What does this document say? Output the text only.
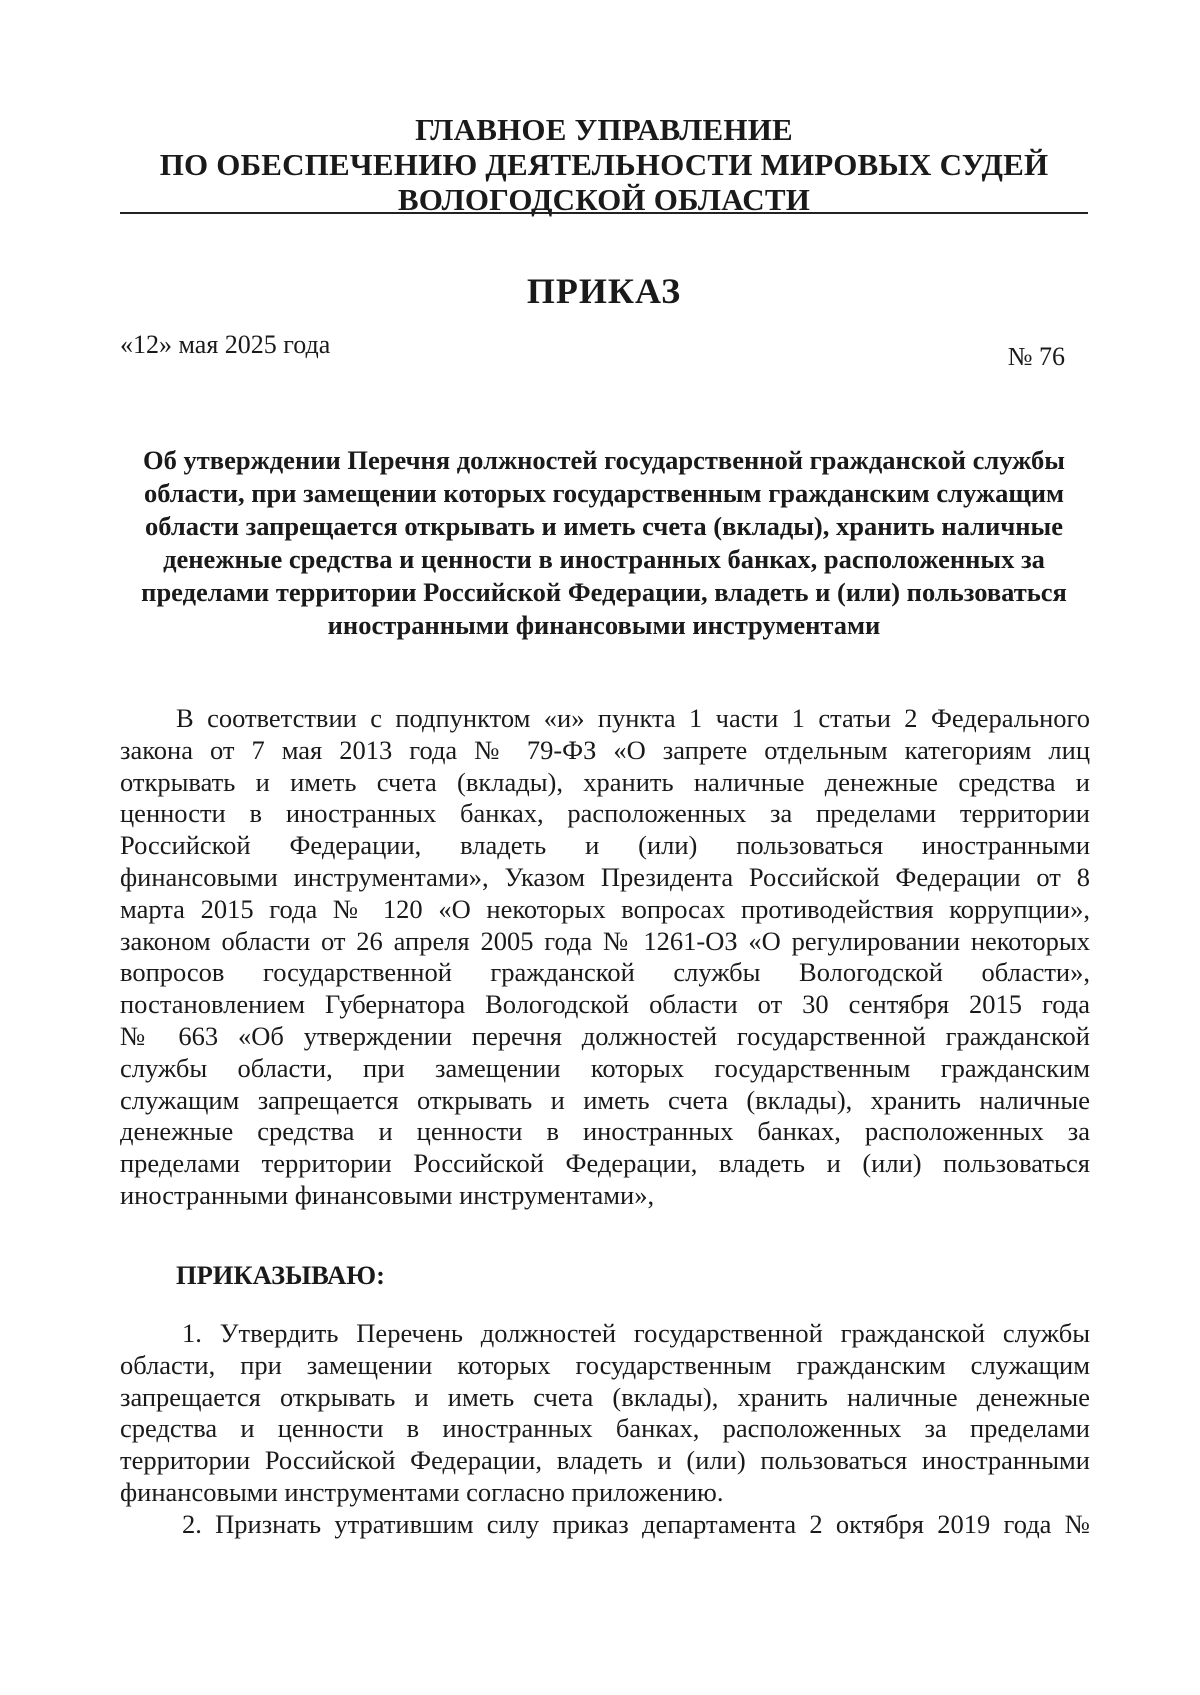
ГЛАВНОЕ УПРАВЛЕНИЕ
ПО ОБЕСПЕЧЕНИЮ ДЕЯТЕЛЬНОСТИ МИРОВЫХ СУДЕЙ
ВОЛОГОДСКОЙ ОБЛАСТИ
ПРИКАЗ
«12» мая 2025 года	№ 76
Об утверждении Перечня должностей государственной гражданской службы
области, при замещении которых государственным гражданским служащим
области запрещается открывать и иметь счета (вклады), хранить наличные
денежные средства и ценности в иностранных банках, расположенных за
пределами территории Российской Федерации, владеть и (или) пользоваться
иностранными финансовыми инструментами
В соответствии с подпунктом «и» пункта 1 части 1 статьи 2 Федерального
закона от 7 мая 2013 года № 79-ФЗ «О запрете отдельным категориям лиц
открывать и иметь счета (вклады), хранить наличные денежные средства и
ценности в иностранных банках, расположенных за пределами территории
Российской Федерации, владеть и (или) пользоваться иностранными
финансовыми инструментами», Указом Президента Российской Федерации от 8
марта 2015 года № 120 «О некоторых вопросах противодействия коррупции»,
законом области от 26 апреля 2005 года № 1261-ОЗ «О регулировании некоторых
вопросов государственной гражданской службы Вологодской области»,
постановлением Губернатора Вологодской области от 30 сентября 2015 года
№ 663 «Об утверждении перечня должностей государственной гражданской
службы области, при замещении которых государственным гражданским
служащим запрещается открывать и иметь счета (вклады), хранить наличные
денежные средства и ценности в иностранных банках, расположенных за
пределами территории Российской Федерации, владеть и (или) пользоваться
иностранными финансовыми инструментами»,
ПРИКАЗЫВАЮ:
1. Утвердить Перечень должностей государственной гражданской службы
области, при замещении которых государственным гражданским служащим
запрещается открывать и иметь счета (вклады), хранить наличные денежные
средства и ценности в иностранных банках, расположенных за пределами
территории Российской Федерации, владеть и (или) пользоваться иностранными
финансовыми инструментами согласно приложению.
2. Признать утратившим силу приказ департамента 2 октября 2019 года №
